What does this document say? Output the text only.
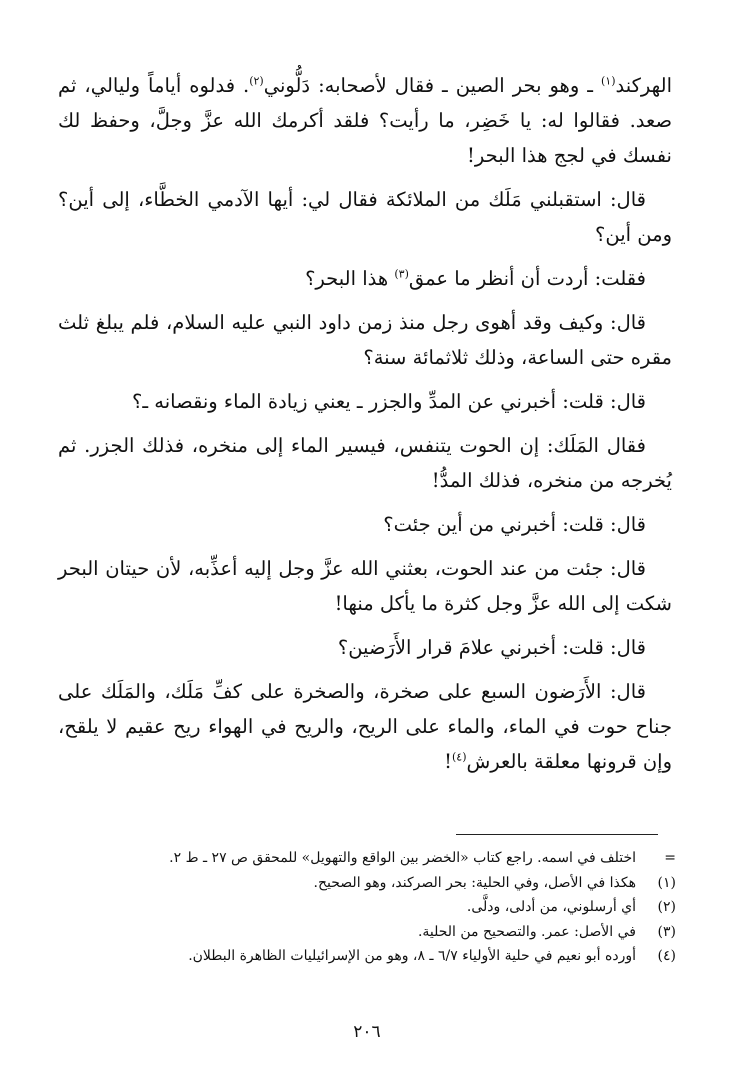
الهركند$^{(١)}$ ـ وهو بحر الصين ـ فقال لأصحابه: دَلُّوني$^{(٢)}$. فدلوه أياماً وليالي، ثم صعد. فقالوا له: يا خَضِر، ما رأيت؟ فلقد أكرمك الله عزَّ وجلَّ، وحفظ لك نفسك في لجج هذا البحر!

قال: استقبلني مَلَك من الملائكة فقال لي: أيها الآدمي الخطَّاء، إلى أين؟ ومن أين؟

فقلت: أردت أن أنظر ما عمق$^{(٣)}$ هذا البحر؟

قال: وكيف وقد أهوى رجل منذ زمن داود النبي عليه السلام، فلم يبلغ ثلث مقره حتى الساعة، وذلك ثلاثمائة سنة؟

قال: قلت: أخبرني عن المدِّ والجزر ـ يعني زيادة الماء ونقصانه ـ؟

فقال المَلَك: إن الحوت يتنفس، فيسير الماء إلى منخره، فذلك الجزر. ثم يُخرجه من منخره، فذلك المدُّ!

قال: قلت: أخبرني من أين جئت؟

قال: جئت من عند الحوت، بعثني الله عزَّ وجل إليه أعذِّبه، لأن حيتان البحر شكت إلى الله عزَّ وجل كثرة ما يأكل منها!

قال: قلت: أخبرني علامَ قرار الأَرَضين؟

قال: الأَرَضون السبع على صخرة، والصخرة على كفِّ مَلَك، والمَلَك على جناح حوت في الماء، والماء على الريح، والريح في الهواء ريح عقيم لا يلقح، وإن قرونها معلقة بالعرش$^{(٤)}$!

=
اختلف في اسمه. راجع كتاب «الخضر بين الواقع والتهويل» للمحقق ص ٢٧ ـ ط ٢.
(١)
هكذا في الأصل، وفي الحلية: بحر الصركند، وهو الصحيح.
(٢)
أي أرسلوني، من أدلى، ودلَّى.
(٣)
في الأصل: عمر. والتصحيح من الحلية.
(٤)
أورده أبو نعيم في حلية الأولياء ٦/٧ ـ ٨، وهو من الإسرائيليات الظاهرة البطلان.
٢٠٦
